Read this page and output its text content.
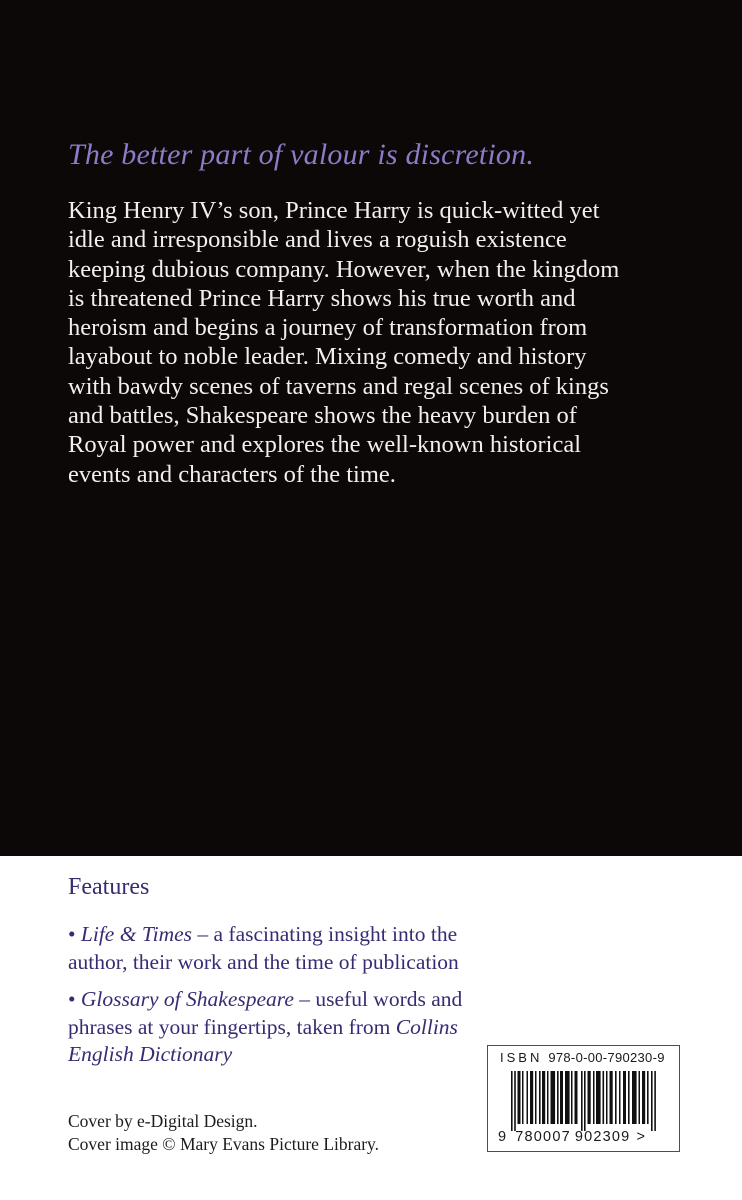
The better part of valour is discretion.
King Henry IV’s son, Prince Harry is quick-witted yet
idle and irresponsible and lives a roguish existence
keeping dubious company. However, when the kingdom
is threatened Prince Harry shows his true worth and
heroism and begins a journey of transformation from
layabout to noble leader. Mixing comedy and history
with bawdy scenes of taverns and regal scenes of kings
and battles, Shakespeare shows the heavy burden of
Royal power and explores the well-known historical
events and characters of the time.
Features
• Life & Times – a fascinating insight into the
author, their work and the time of publication
• Glossary of Shakespeare – useful words and
phrases at your fingertips, taken from Collins
English Dictionary
Cover by e-Digital Design.
Cover image © Mary Evans Picture Library.
ISBN 978-0-00-790230-9
9 780007 902309 >
